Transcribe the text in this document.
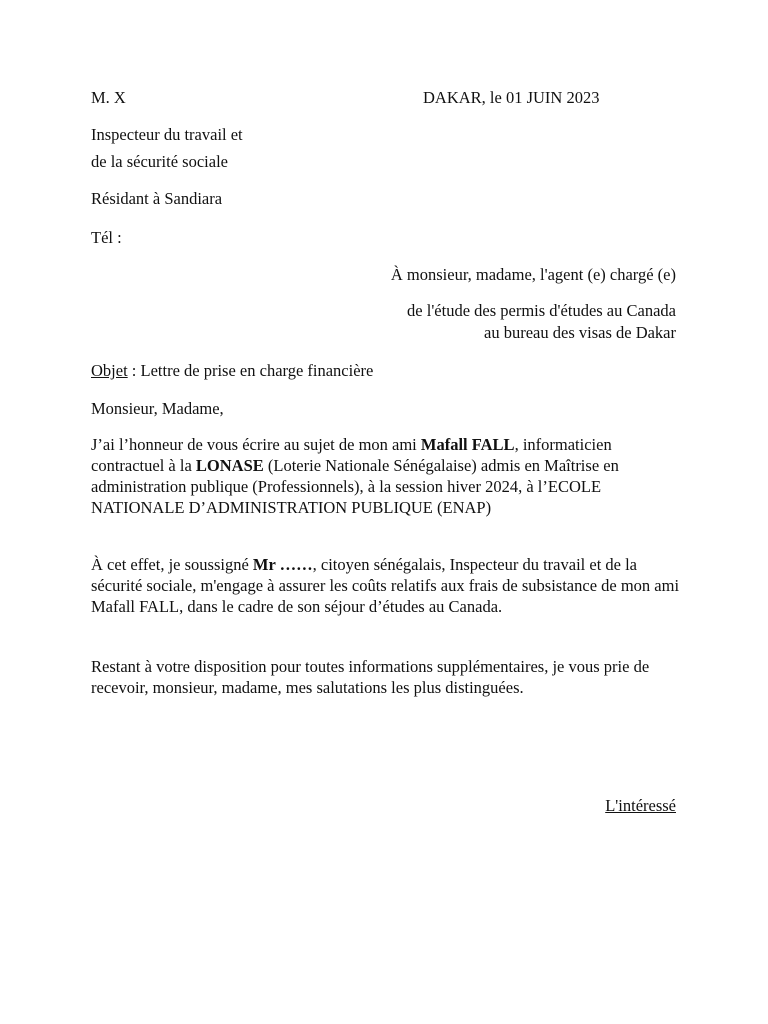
M. X	DAKAR, le 01 JUIN 2023
Inspecteur du travail et
de la sécurité sociale
Résidant à Sandiara
Tél :
À monsieur, madame, l'agent (e) chargé (e)
de l'étude des permis d'études au Canada
au bureau des visas de Dakar
Objet : Lettre de prise en charge financière
Monsieur, Madame,
J’ai l’honneur de vous écrire au sujet de mon ami Mafall FALL, informaticien contractuel à la LONASE (Loterie Nationale Sénégalaise) admis en Maîtrise en administration publique (Professionnels), à la session hiver 2024, à l’ECOLE NATIONALE D’ADMINISTRATION PUBLIQUE (ENAP)
À cet effet, je soussigné Mr ……, citoyen sénégalais, Inspecteur du travail et de la sécurité sociale, m'engage à assurer les coûts relatifs aux frais de subsistance de mon ami Mafall FALL, dans le cadre de son séjour d’études au Canada.
Restant à votre disposition pour toutes informations supplémentaires, je vous prie de recevoir, monsieur, madame, mes salutations les plus distinguées.
L'intéressé
